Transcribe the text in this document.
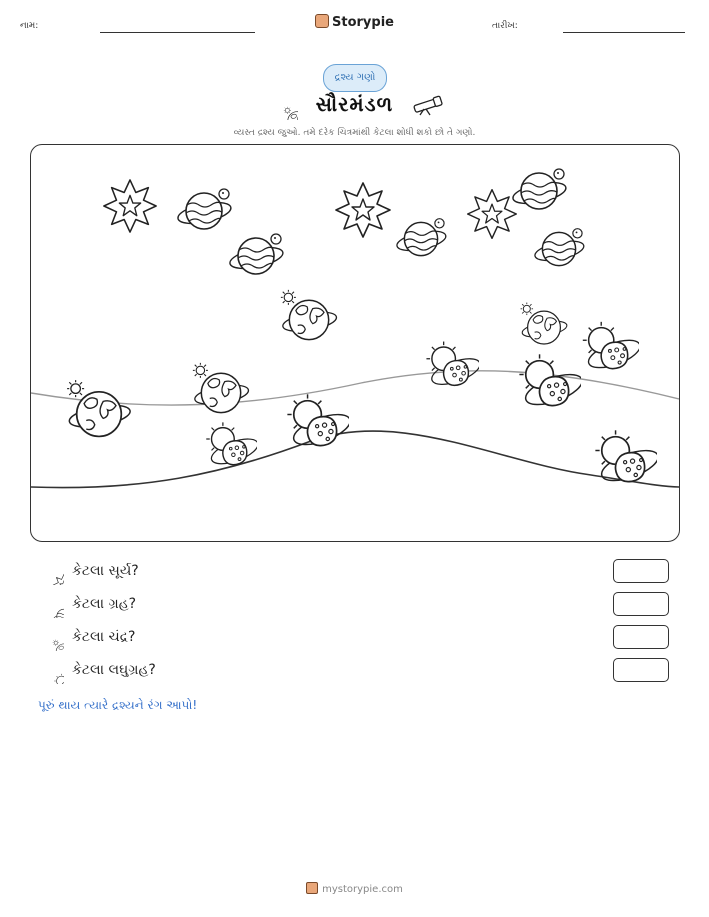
નામ:	Storypie	તારીખ:
દ્રશ્ય ગણો
સૌરમંડળ
વ્યસ્ત દ્રશ્ય જુઓ. તમે દરેક ચિત્રમાંથી કેટલા શોધી શકો છો તે ગણો.
કેટલા સૂર્ય?
કેટલા ગ્રહ?
કેટલા ચંદ્ર?
કેટલા લઘુગ્રહ?
પૂરું થાય ત્યારે દ્રશ્યને રંગ આપો!
mystorypie.com
